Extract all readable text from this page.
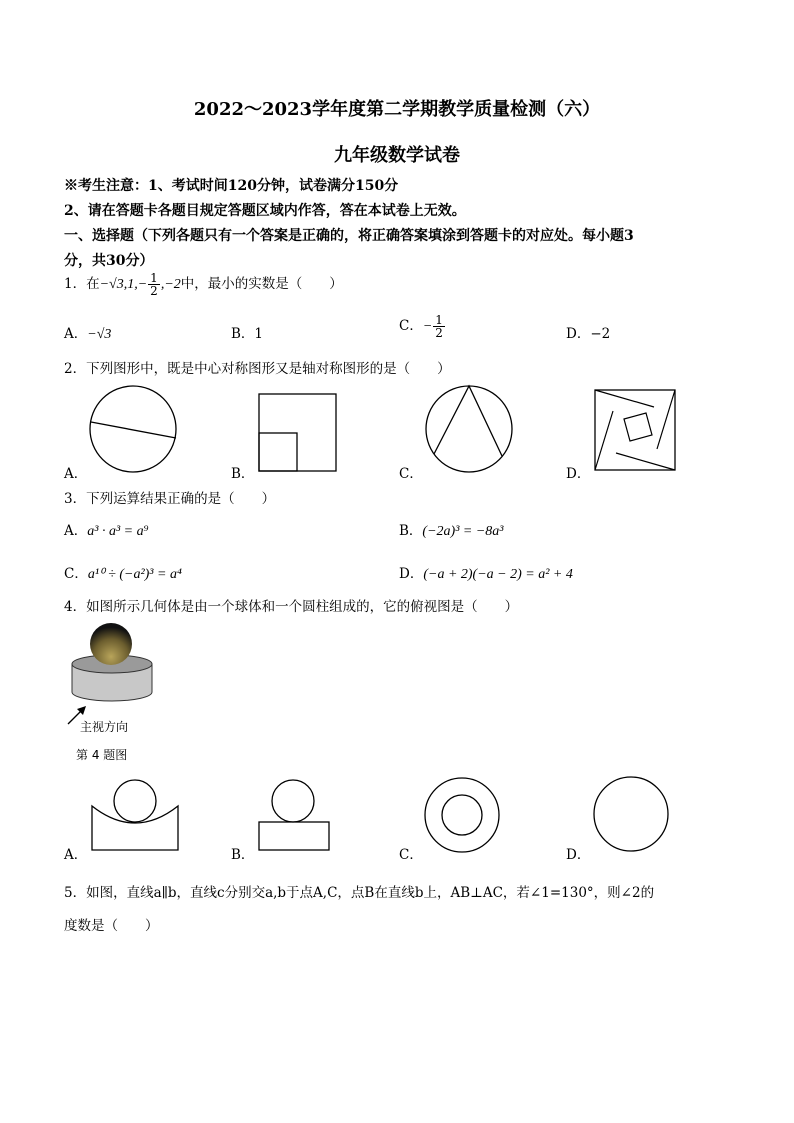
2022～2023学年度第二学期教学质量检测（六）
九年级数学试卷
※考生注意：1、考试时间120分钟，试卷满分150分
2、请在答题卡各题目规定答题区域内作答，答在本试卷上无效。
一、选择题（下列各题只有一个答案是正确的，将正确答案填涂到答题卡的对应处。每小题3
分，共30分）
1．在$-√3,1,- \frac{1}{2} ,-2$中，最小的实数是（　　）
A．−√3	B．1	C．− $\frac{1}{2}$	D．−2
2．下列图形中，既是中心对称图形又是轴对称图形的是（　　）
A．	B．	C．	D．
3．下列运算结果正确的是（　　）
A．a³ · a³ = a⁹	B．(−2a)³ = −8a³
C．a¹⁰ ÷ (−a²)³ = a⁴	D．(−a + 2)(−a − 2) = a² + 4
4．如图所示几何体是由一个球体和一个圆柱组成的，它的俯视图是（　　）
主视方向
第 4 题图
A．	B．	C．	D．
5．如图，直线a∥b，直线c分别交a,b于点A,C，点B在直线b上，AB⊥AC，若∠1=130°，则∠2的
度数是（　　）
